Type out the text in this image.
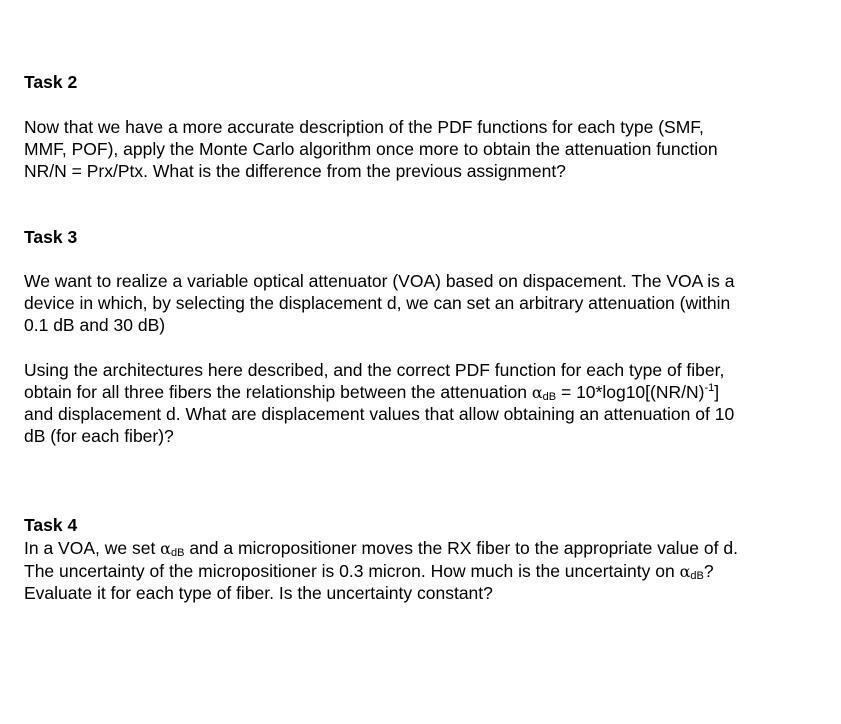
Task 2
Now that we have a more accurate description of the PDF functions for each type (SMF,
MMF, POF), apply the Monte Carlo algorithm once more to obtain the attenuation function
NR/N = Prx/Ptx. What is the difference from the previous assignment?
Task 3
We want to realize a variable optical attenuator (VOA) based on dispacement. The VOA is a
device in which, by selecting the displacement d, we can set an arbitrary attenuation (within
0.1 dB and 30 dB)
Using the architectures here described, and the correct PDF function for each type of fiber,
obtain for all three fibers the relationship between the attenuation $\alpha_{dB} = 10*\log 10[(NR/N)^{-1}]$
and displacement d. What are displacement values that allow obtaining an attenuation of 10
dB (for each fiber)?
Task 4
In a VOA, we set $\alpha_{dB}$ and a micropositioner moves the RX fiber to the appropriate value of d.
The uncertainty of the micropositioner is 0.3 micron. How much is the uncertainty on $\alpha_{dB}$?
Evaluate it for each type of fiber. Is the uncertainty constant?
